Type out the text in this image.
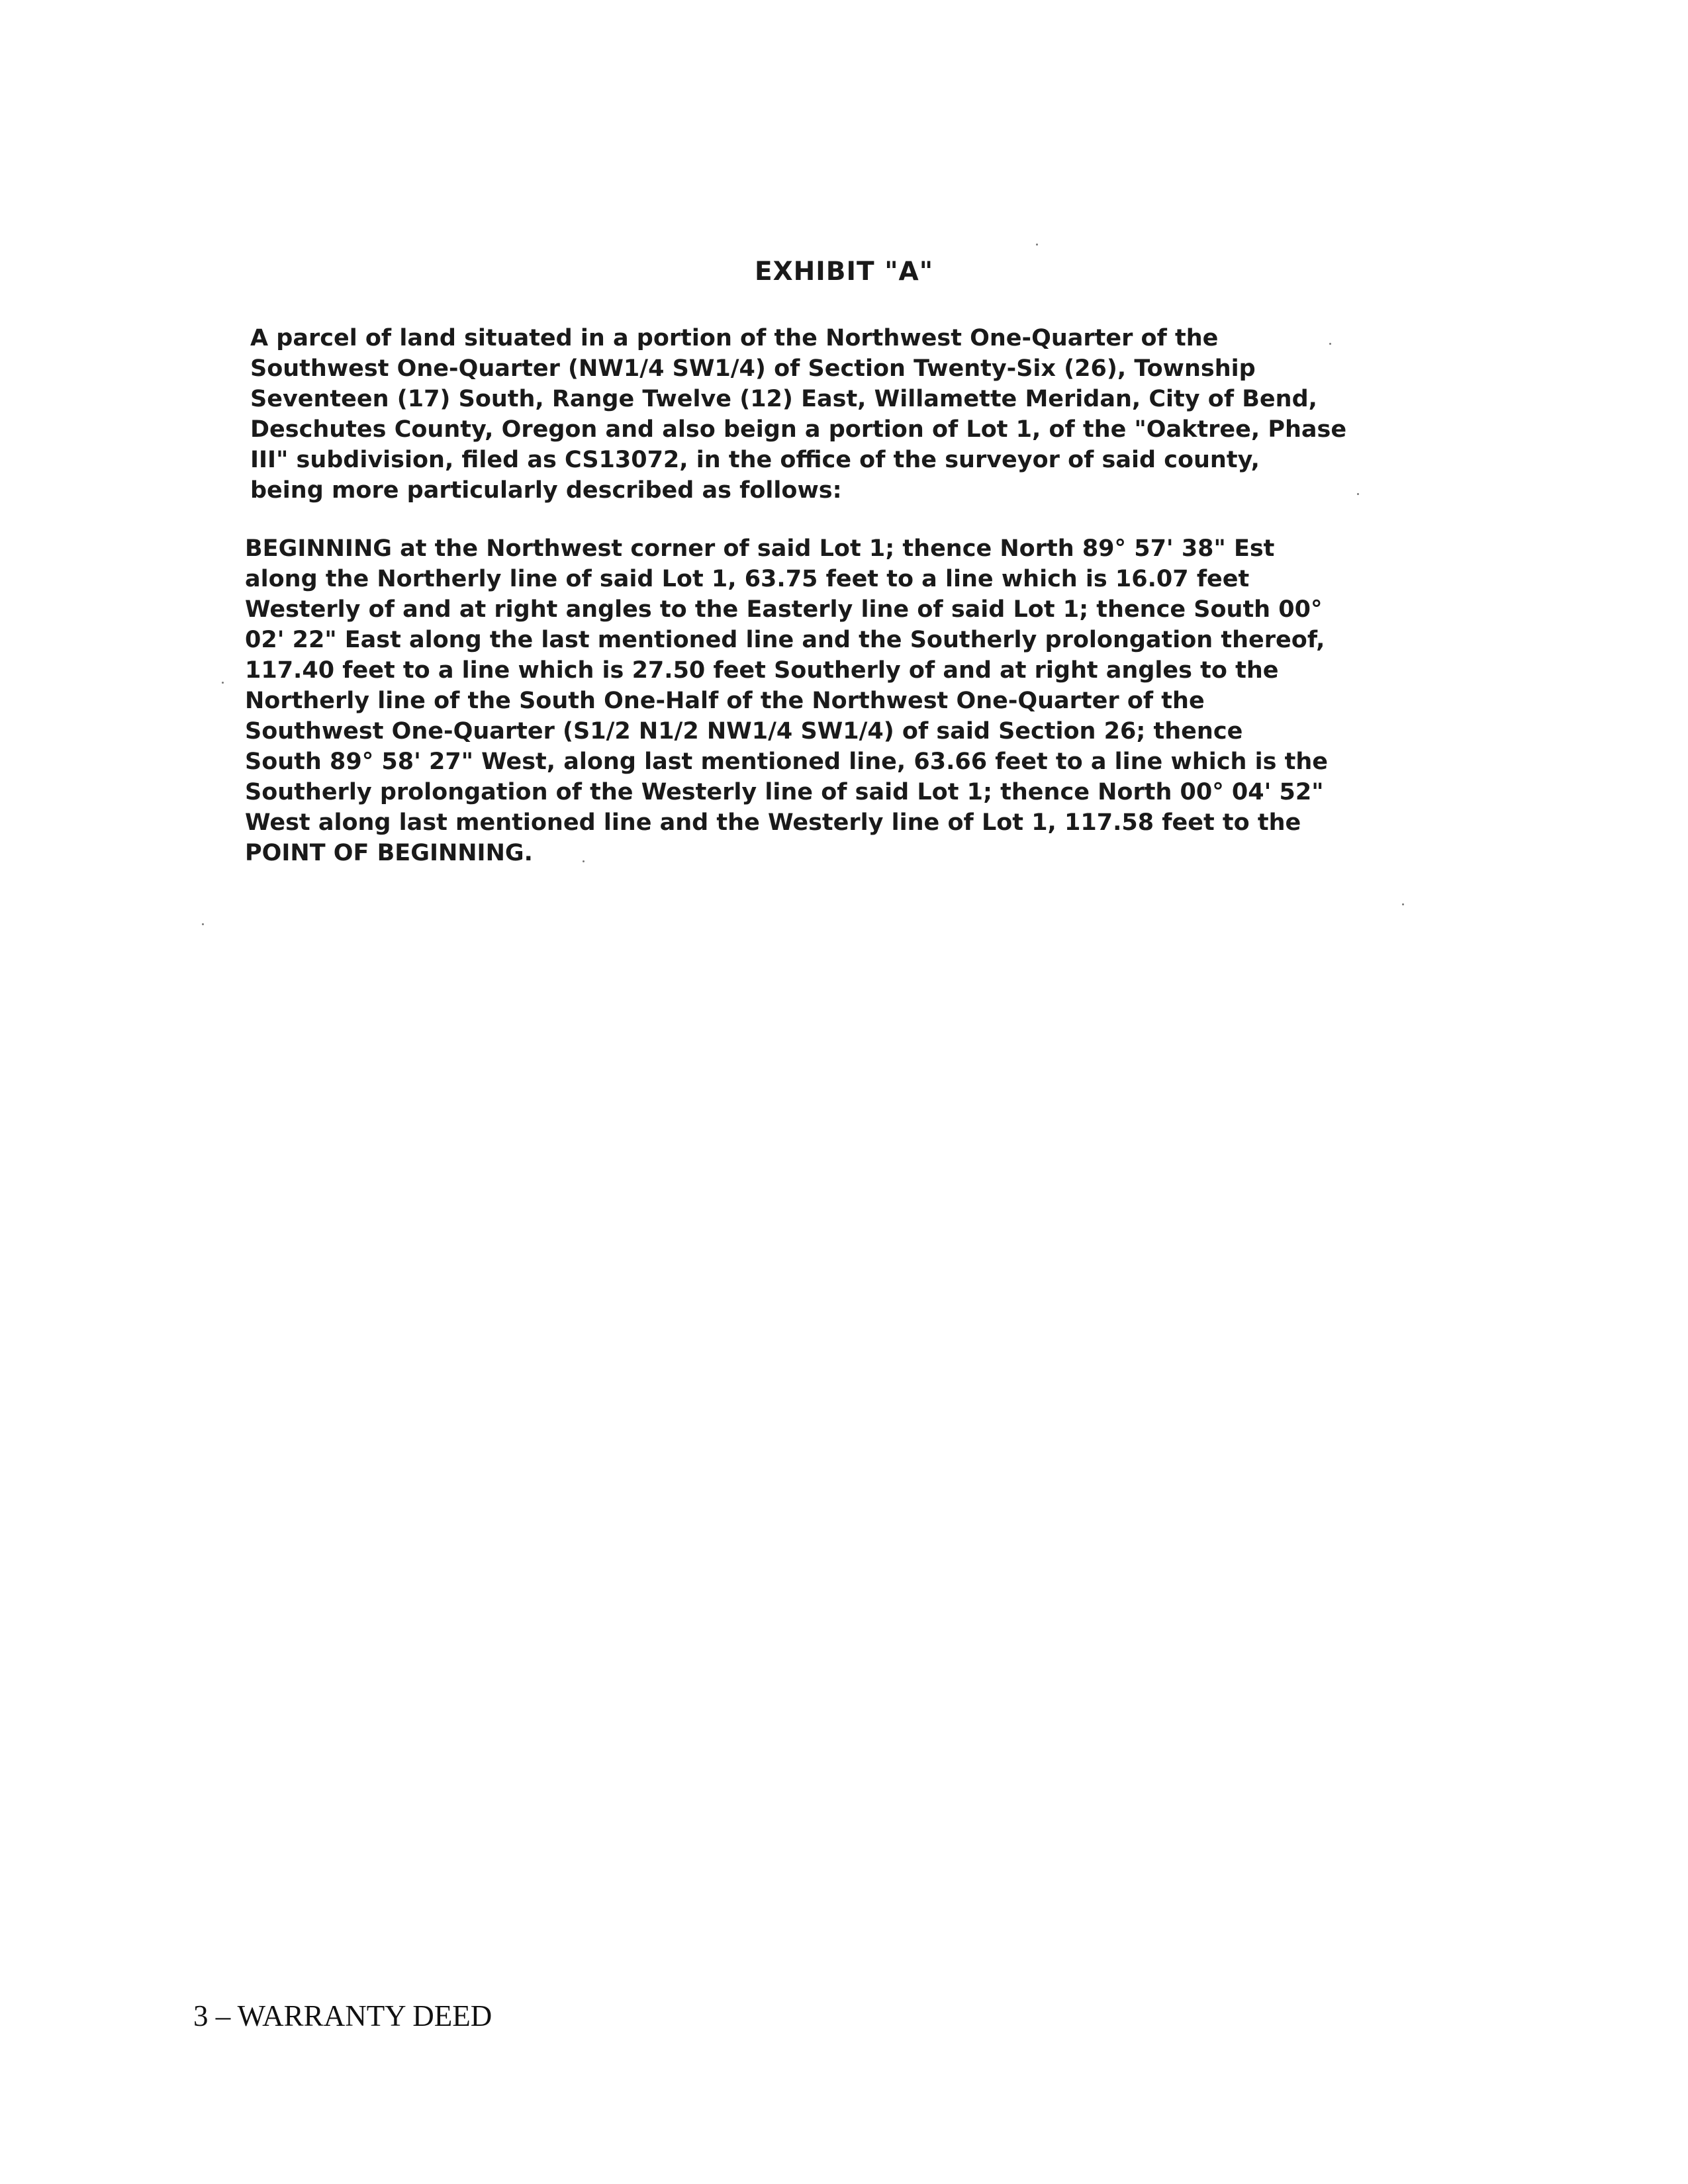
EXHIBIT "A"

A parcel of land situated in a portion of the Northwest One-Quarter of the
Southwest One-Quarter (NW1/4 SW1/4) of Section Twenty-Six (26), Township
Seventeen (17) South, Range Twelve (12) East, Willamette Meridan, City of Bend,
Deschutes County, Oregon and also beign a portion of Lot 1, of the "Oaktree, Phase
III" subdivision, filed as CS13072, in the office of the surveyor of said county,
being more particularly described as follows:

BEGINNING at the Northwest corner of said Lot 1; thence North 89° 57' 38" Est
along the Northerly line of said Lot 1, 63.75 feet to a line which is 16.07 feet
Westerly of and at right angles to the Easterly line of said Lot 1; thence South 00°
02' 22" East along the last mentioned line and the Southerly prolongation thereof,
117.40 feet to a line which is 27.50 feet Southerly of and at right angles to the
Northerly line of the South One-Half of the Northwest One-Quarter of the
Southwest One-Quarter (S1/2 N1/2 NW1/4 SW1/4) of said Section 26; thence
South 89° 58' 27" West, along last mentioned line, 63.66 feet to a line which is the
Southerly prolongation of the Westerly line of said Lot 1; thence North 00° 04' 52"
West along last mentioned line and the Westerly line of Lot 1, 117.58 feet to the
POINT OF BEGINNING.

3 – WARRANTY DEED
